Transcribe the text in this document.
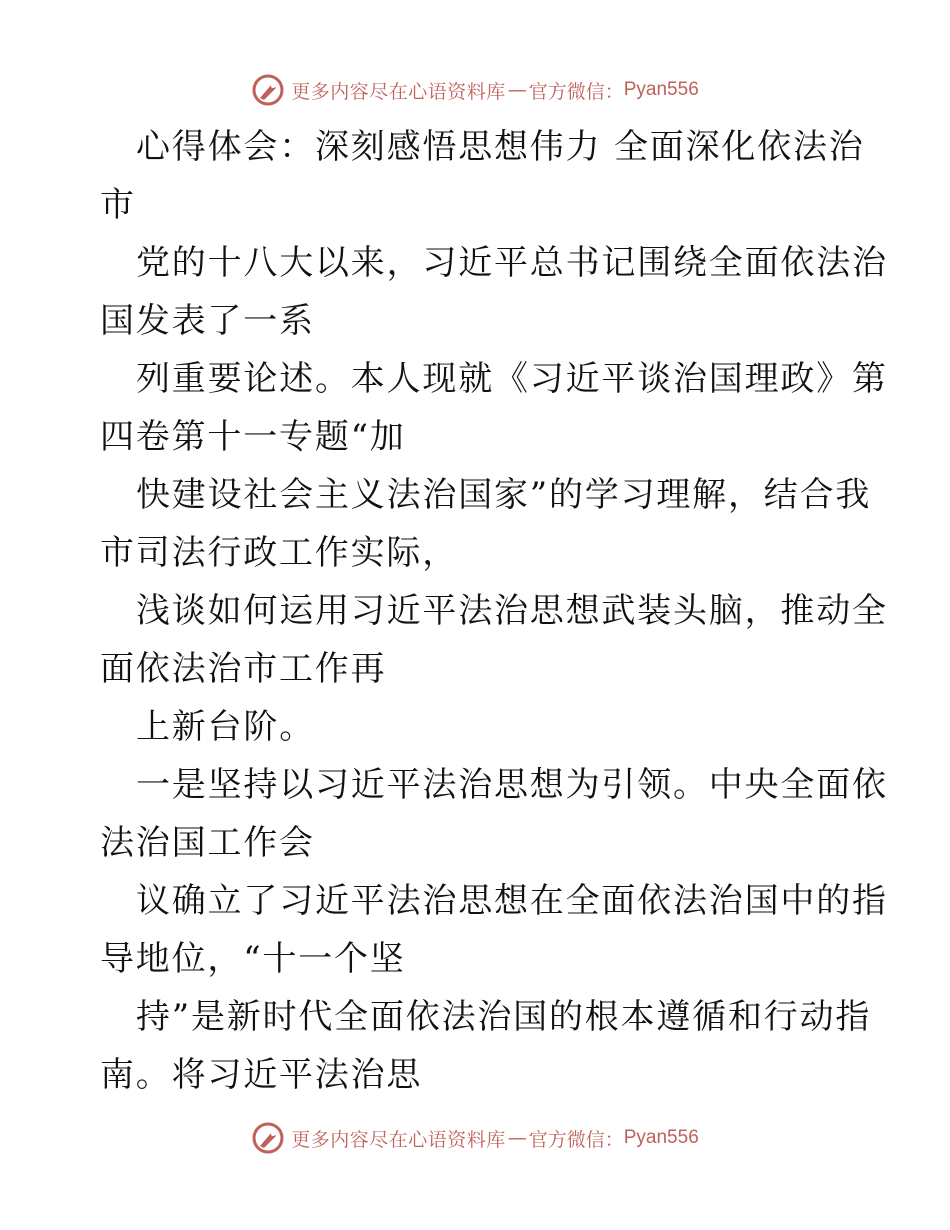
更多内容尽在心语资料库 — 官方微信： Pyan556
心得体会：深刻感悟思想伟力 全面深化依法治
市
党的十八大以来，习近平总书记围绕全面依法治
国发表了一系
列重要论述。本人现就《习近平谈治国理政》第
四卷第十一专题“加
快建设社会主义法治国家”的学习理解，结合我
市司法行政工作实际，
浅谈如何运用习近平法治思想武装头脑，推动全
面依法治市工作再
上新台阶。
一是坚持以习近平法治思想为引领。中央全面依
法治国工作会
议确立了习近平法治思想在全面依法治国中的指
导地位，“十一个坚
持”是新时代全面依法治国的根本遵循和行动指
南。将习近平法治思
更多内容尽在心语资料库 — 官方微信： Pyan556
